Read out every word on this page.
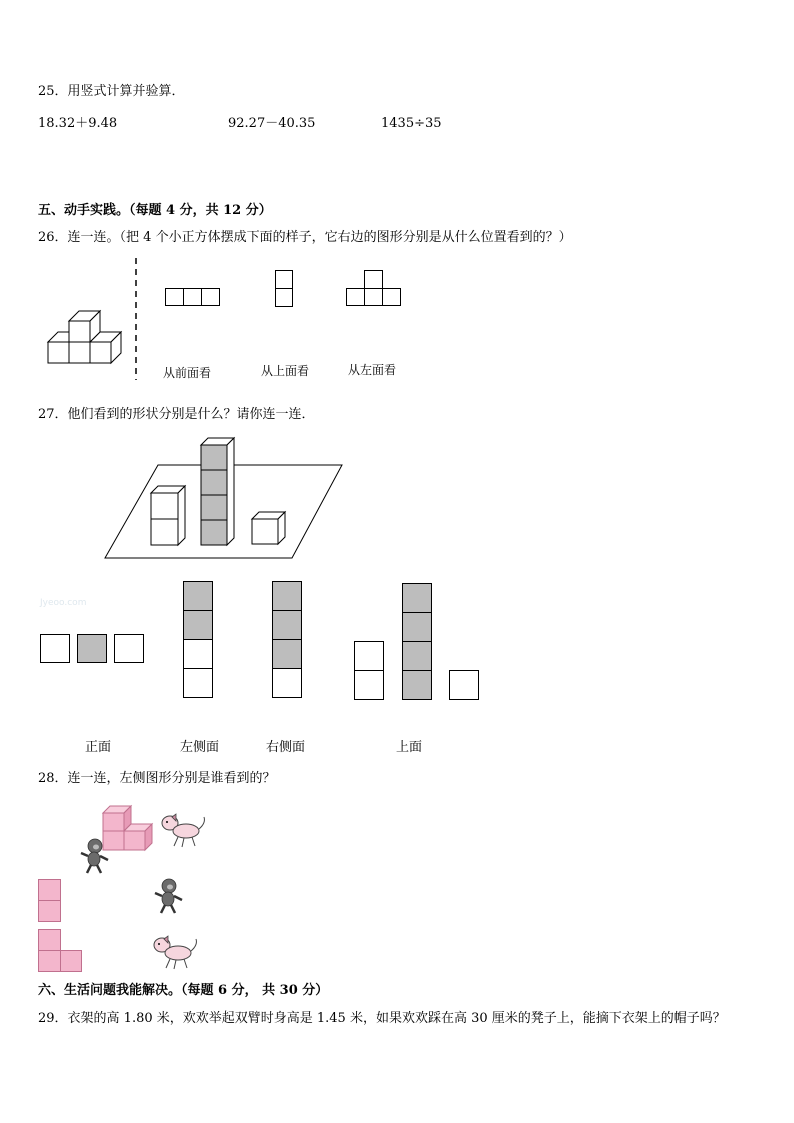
25．用竖式计算并验算．
18.32＋9.48	92.27－40.35	1435÷35
五、动手实践。（每题 4 分，共 12 分）
26．连一连。（把 4 个小正方体摆成下面的样子，它右边的图形分别是从什么位置看到的？）
从前面看	从上面看	从左面看
27．他们看到的形状分别是什么？请你连一连．
Jyeoo.com
正面	左侧面	右侧面	上面
28．连一连，左侧图形分别是谁看到的？
六、生活问题我能解决。（每题 6 分， 共 30 分）
29．衣架的高 1.80 米，欢欢举起双臂时身高是 1.45 米，如果欢欢踩在高 30 厘米的凳子上，能摘下衣架上的帽子吗？
